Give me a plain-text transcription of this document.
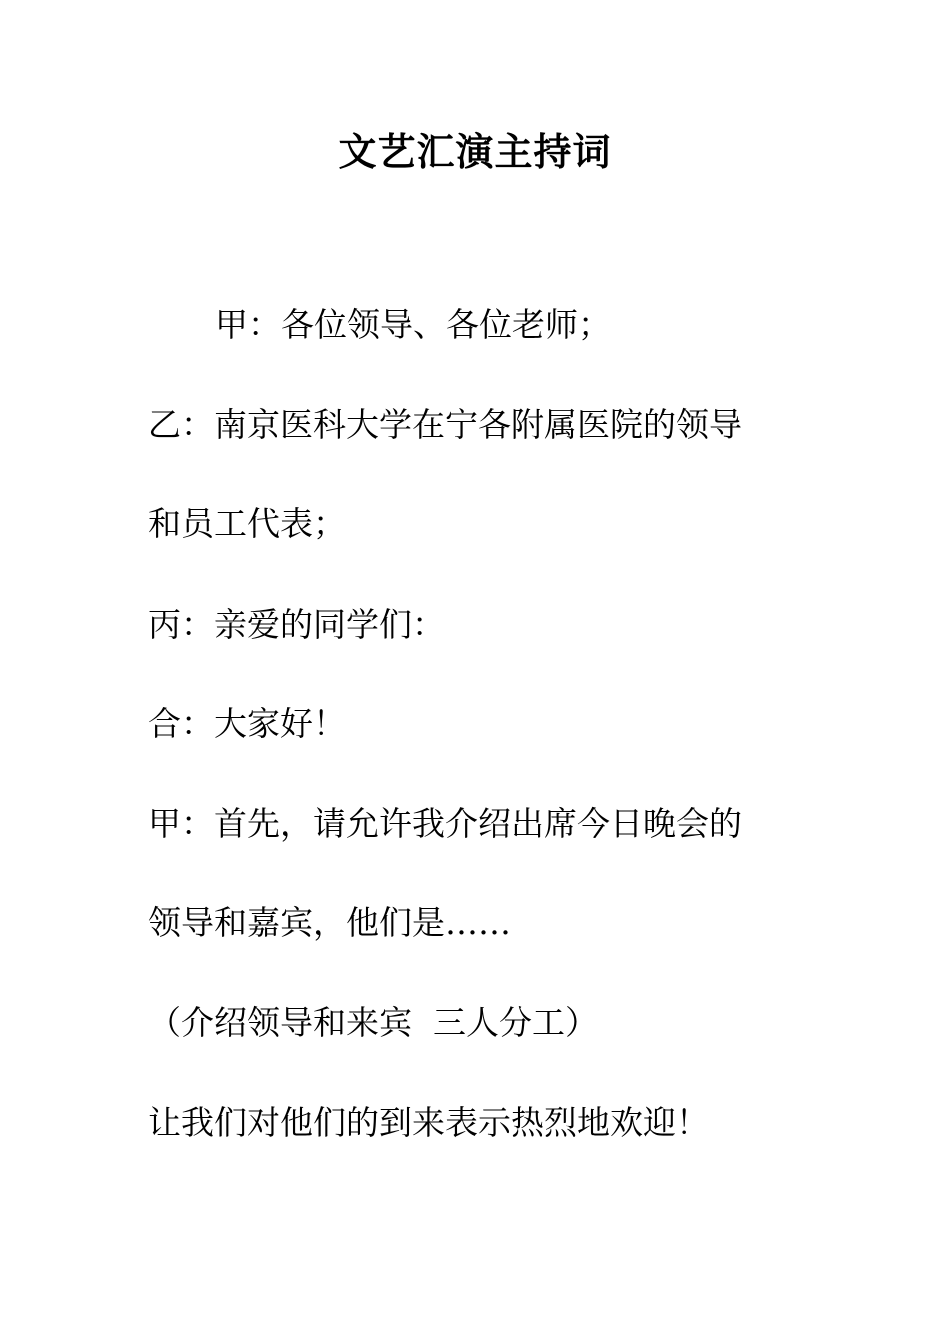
文艺汇演主持词
甲：各位领导、各位老师；
乙：南京医科大学在宁各附属医院的领导
和员工代表；
丙：亲爱的同学们：
合：大家好！
甲：首先，请允许我介绍出席今日晚会的
领导和嘉宾，他们是……
（介绍领导和来宾  三人分工）
让我们对他们的到来表示热烈地欢迎！
